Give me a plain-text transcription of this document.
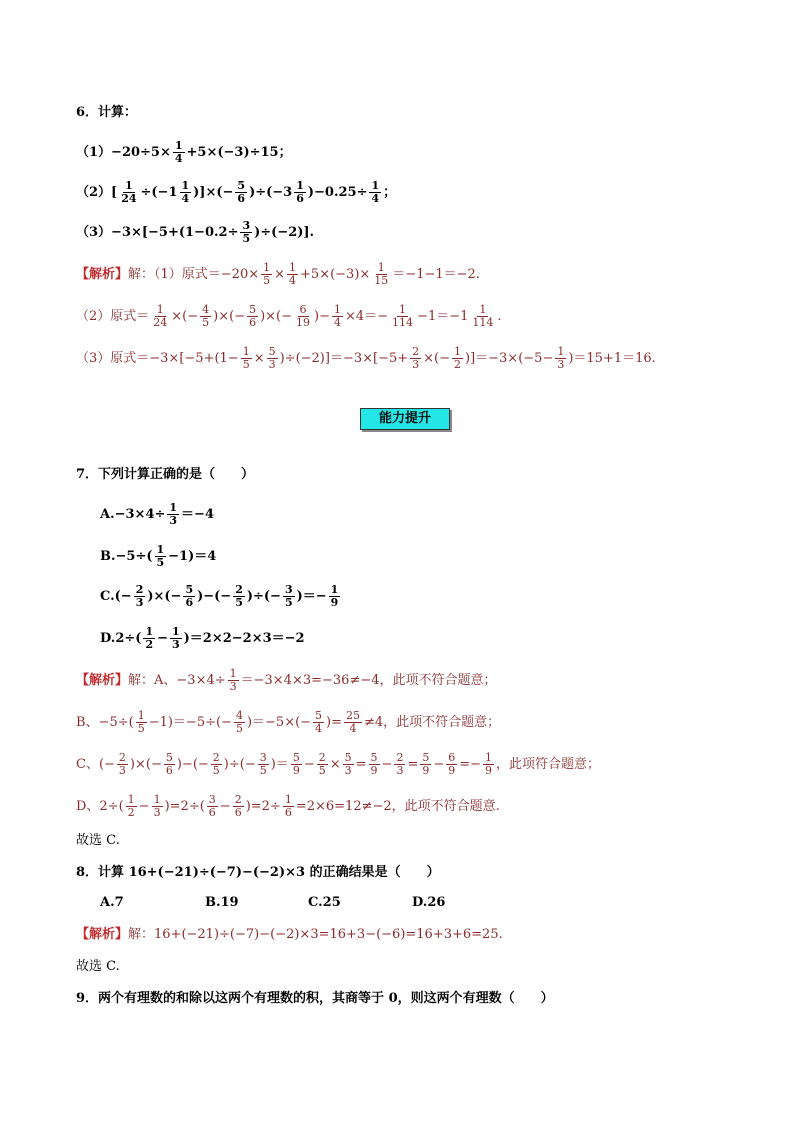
6．计算：
$(1)-20\div 5\times \frac{1}{4} +5\times(-3)\div 15$；
$(2)[ \frac{1}{24} \div(-1 \frac{1}{4}$ )]×(− $\frac{5}{6} )\div(-3 \frac{1}{6} )-0.25\div \frac{1}{4}$ ；
$(3)-3\times[-5+(1-0.2\div \frac{3}{5} )\div(-2)]$.
【解析】 解：（1）原式$=-20\times \frac{1}{5} \times \frac{1}{4} +5\times(-3)\times \frac{1}{15} =-1-1=-2$.
（2）原式＝ $\frac{1}{24}$ ×(− $\frac{4}{5}$ )×(− $\frac{5}{6}$ )×(− $\frac{6}{19}$ )− $\frac{1}{4} \times 4=- \frac{1}{114} -1=-1 \frac{1}{114}$ .
（3）原式$=-3\times[-5+(1- \frac{1}{5} \times \frac{5}{3} )\div(-2)]=-3\times[-5+ \frac{2}{3}$ ×(− $\frac{1}{2} )]=-3\times(-5- \frac{1}{3} )=15+1=16$.
能力提升
7．下列计算正确的是（　　）
$A.-3\times 4\div \frac{1}{3} =-4$
$B.-5\div( \frac{1}{5} -1)=4$
$C.(- \frac{2}{3}$ )×(− $\frac{5}{6}$ )−(− $\frac{2}{5}$ )÷(− $\frac{3}{5}$ )＝− $\frac{1}{9}$
$D.2\div( \frac{1}{2} - \frac{1}{3} )=2\times 2-2\times 3=-2$
【解析】 解：A、$-3\times 4\div \frac{1}{3} =-3\times 4\times 3=-36\ne-4$，此项不符合题意；
B、$-5\div( \frac{1}{5} -1)=-5\div(- \frac{4}{5} )=-5\times(- \frac{5}{4}$ )= $\frac{25}{4} \ne 4$，此项不符合题意；
C、(− $\frac{2}{3}$ )×(− $\frac{5}{6}$ )−(− $\frac{2}{5}$ )÷(− $\frac{3}{5}$ )＝ $\frac{5}{9} - \frac{2}{5} \times \frac{5}{3} = \frac{5}{9} - \frac{2}{3} = \frac{5}{9} - \frac{6}{9} =- \frac{1}{9}$ ，此项符合题意；
D、$2\div( \frac{1}{2} - \frac{1}{3} )=2\div( \frac{3}{6} - \frac{2}{6} )=2\div \frac{1}{6} =2\times 6=12\ne-2$，此项不符合题意.
故选 C.
8．计算 16+(−21)÷(−7)−(−2)×3 的正确结果是（　　）
A.7	B.19	C.25	D.26
【解析】 解：16+(−21)÷(−7)−(−2)×3=16+3−(−6)=16+3+6=25.
故选 C.
9．两个有理数的和除以这两个有理数的积，其商等于 0，则这两个有理数（　　）
